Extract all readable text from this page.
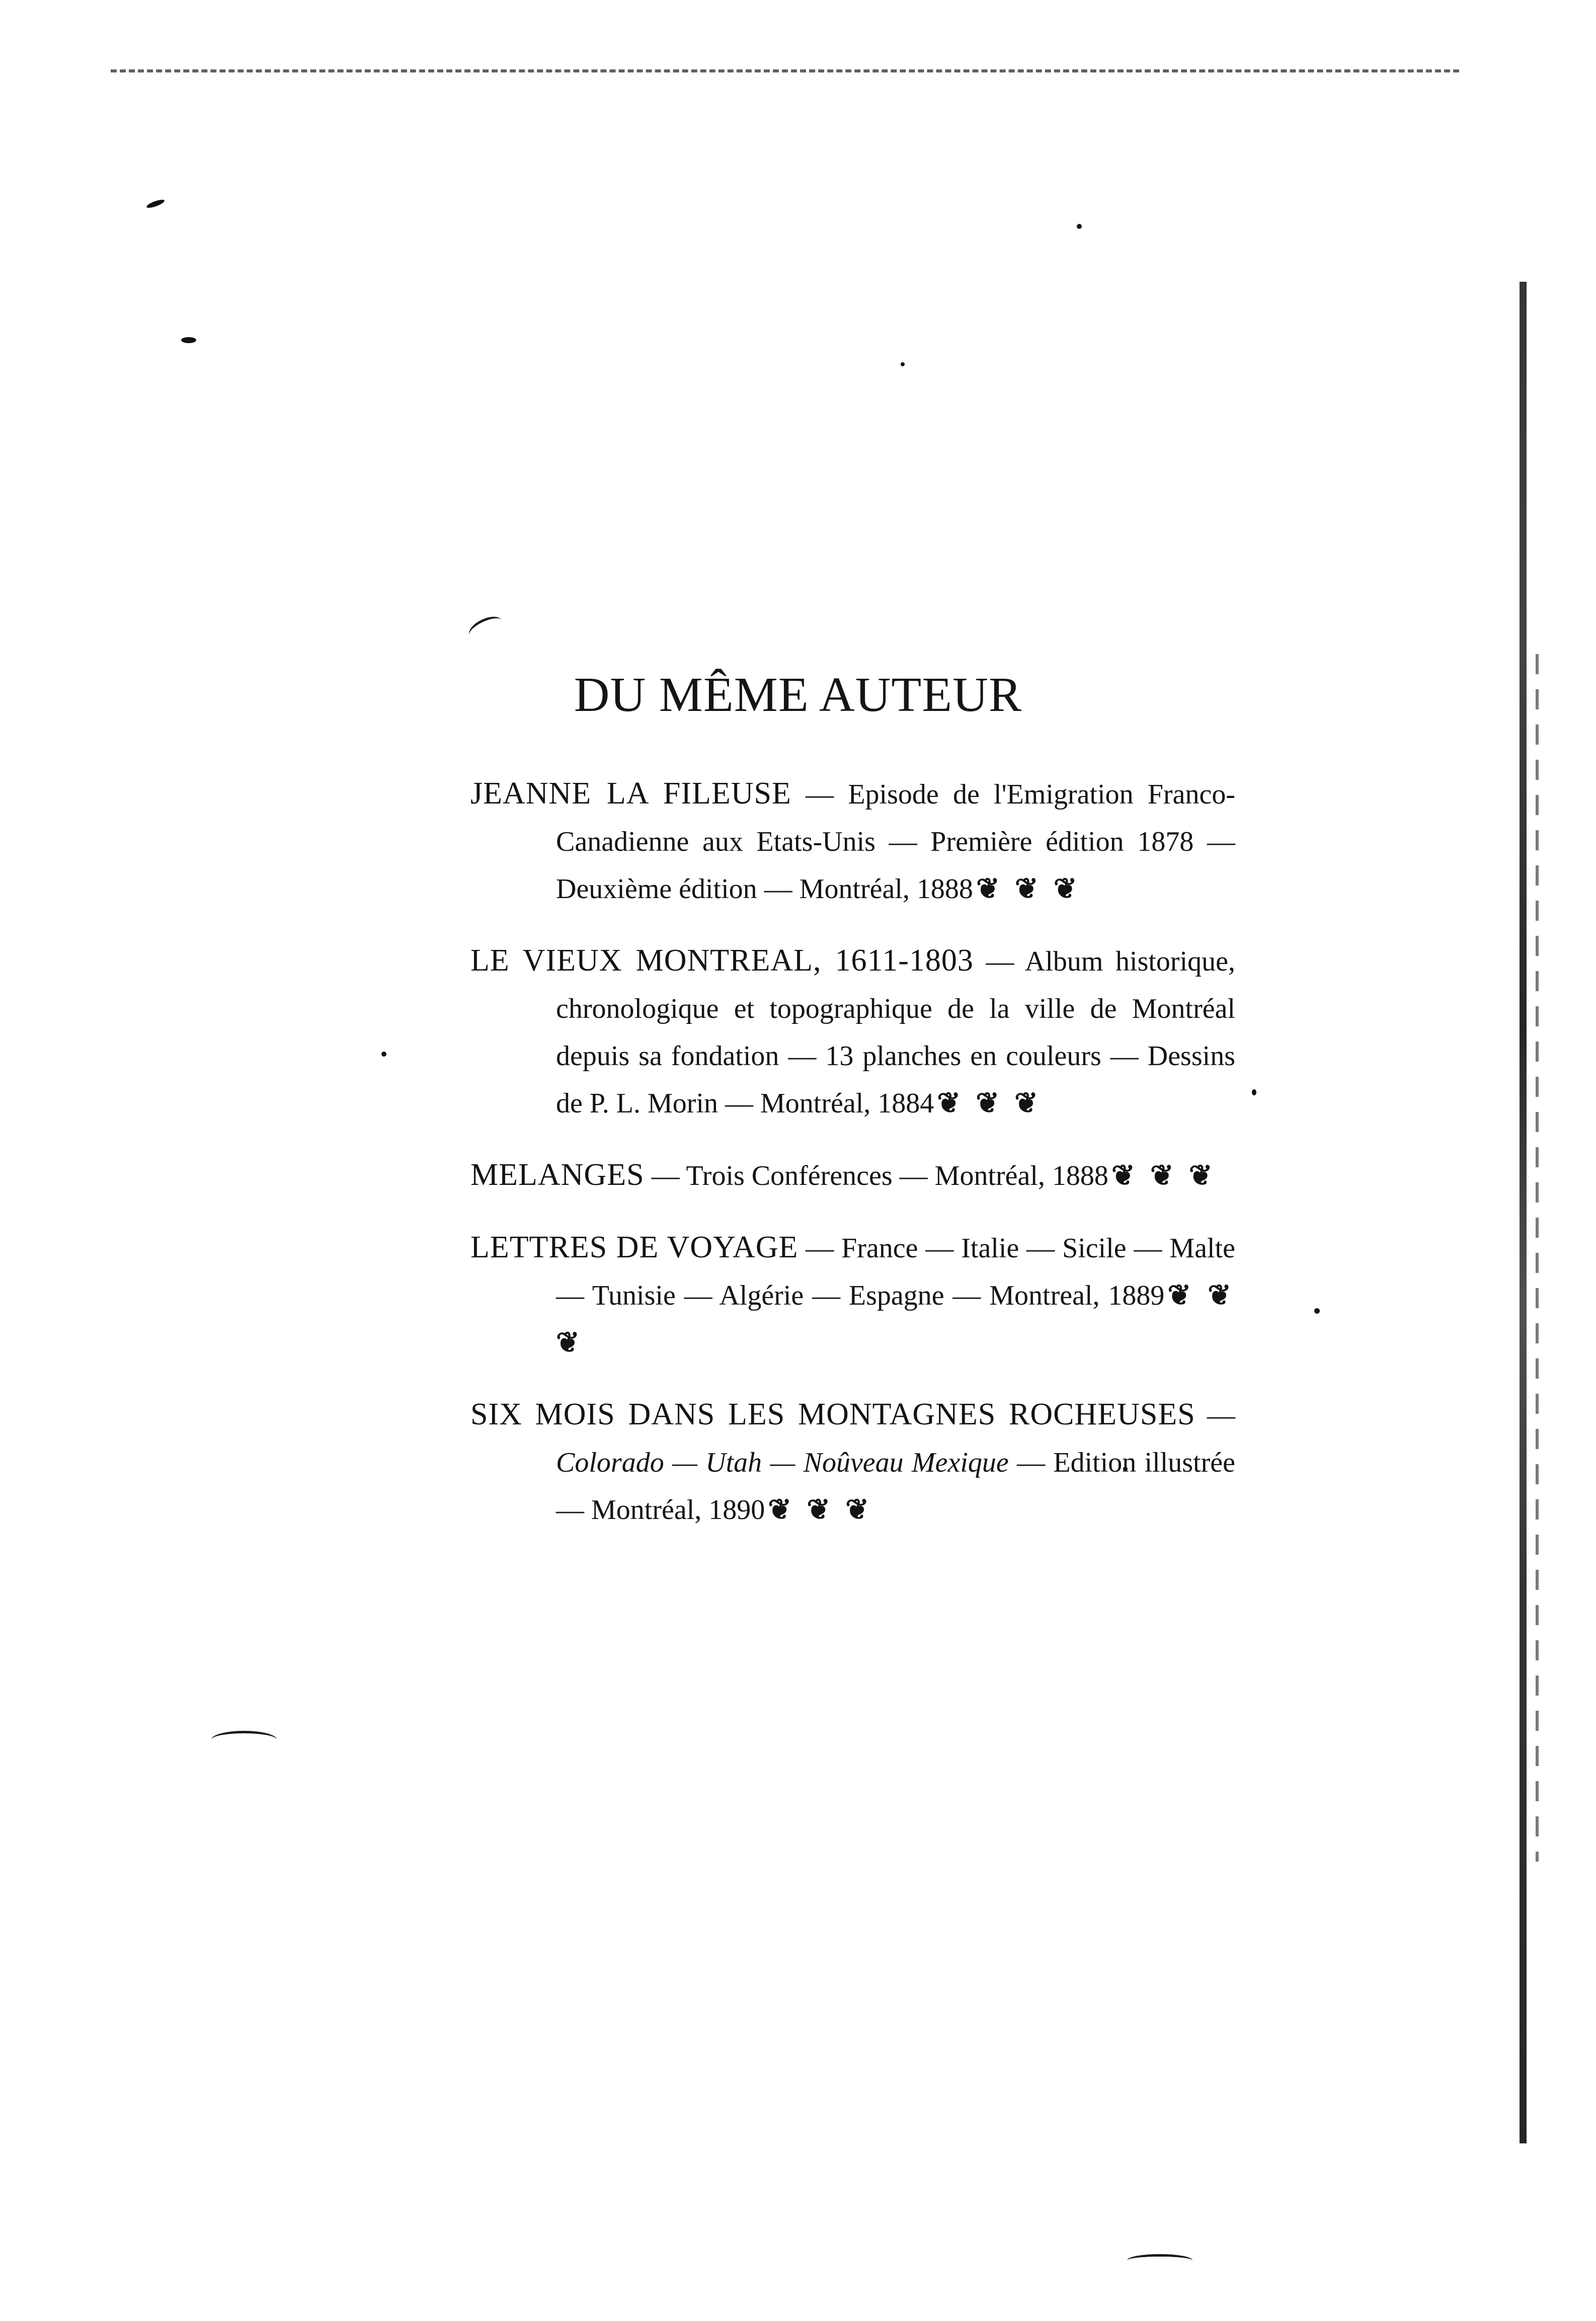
DU MÊME AUTEUR
JEANNE LA FILEUSE — Episode de l'Emigration Franco-Canadienne aux Etats-Unis — Première édition 1878 — Deuxième édition — Montréal, 1888 ❦ ❦ ❦
LE VIEUX MONTREAL, 1611-1803 — Album historique, chronologique et topographique de la ville de Montréal depuis sa fondation — 13 planches en couleurs — Dessins de P. L. Morin — Montréal, 1884 ❦ ❦ ❦
MELANGES — Trois Conférences — Montréal, 1888 ❦ ❦ ❦
LETTRES DE VOYAGE — France — Italie — Sicile — Malte — Tunisie — Algérie — Espagne — Montreal, 1889 ❦ ❦ ❦
SIX MOIS DANS LES MONTAGNES ROCHEUSES — Colorado — Utah — Noûveau Mexique — Edition illustrée — Montréal, 1890 ❦ ❦ ❦
